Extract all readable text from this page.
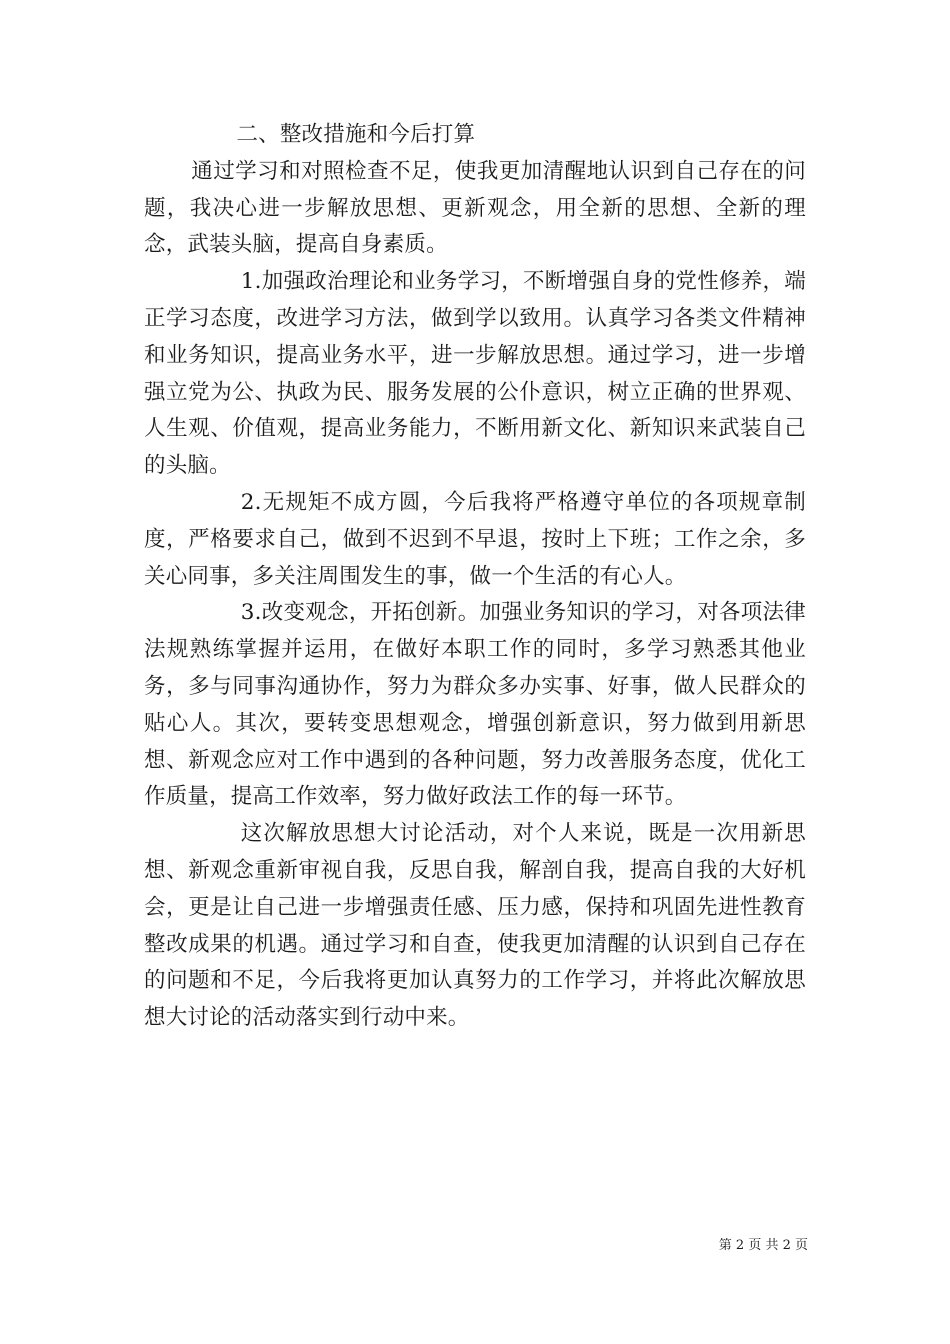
二、整改措施和今后打算

通过学习和对照检查不足，使我更加清醒地认识到自己存在的问题，我决心进一步解放思想、更新观念，用全新的思想、全新的理念，武装头脑，提高自身素质。

1.加强政治理论和业务学习，不断增强自身的党性修养，端正学习态度，改进学习方法，做到学以致用。认真学习各类文件精神和业务知识，提高业务水平，进一步解放思想。通过学习，进一步增强立党为公、执政为民、服务发展的公仆意识，树立正确的世界观、人生观、价值观，提高业务能力，不断用新文化、新知识来武装自己的头脑。

2.无规矩不成方圆，今后我将严格遵守单位的各项规章制度，严格要求自己，做到不迟到不早退，按时上下班；工作之余，多关心同事，多关注周围发生的事，做一个生活的有心人。

3.改变观念，开拓创新。加强业务知识的学习，对各项法律法规熟练掌握并运用，在做好本职工作的同时，多学习熟悉其他业务，多与同事沟通协作，努力为群众多办实事、好事，做人民群众的贴心人。其次，要转变思想观念，增强创新意识，努力做到用新思想、新观念应对工作中遇到的各种问题，努力改善服务态度，优化工作质量，提高工作效率，努力做好政法工作的每一环节。

这次解放思想大讨论活动，对个人来说，既是一次用新思想、新观念重新审视自我，反思自我，解剖自我，提高自我的大好机会，更是让自己进一步增强责任感、压力感，保持和巩固先进性教育整改成果的机遇。通过学习和自查，使我更加清醒的认识到自己存在的问题和不足，今后我将更加认真努力的工作学习，并将此次解放思想大讨论的活动落实到行动中来。

第 2 页 共 2 页
